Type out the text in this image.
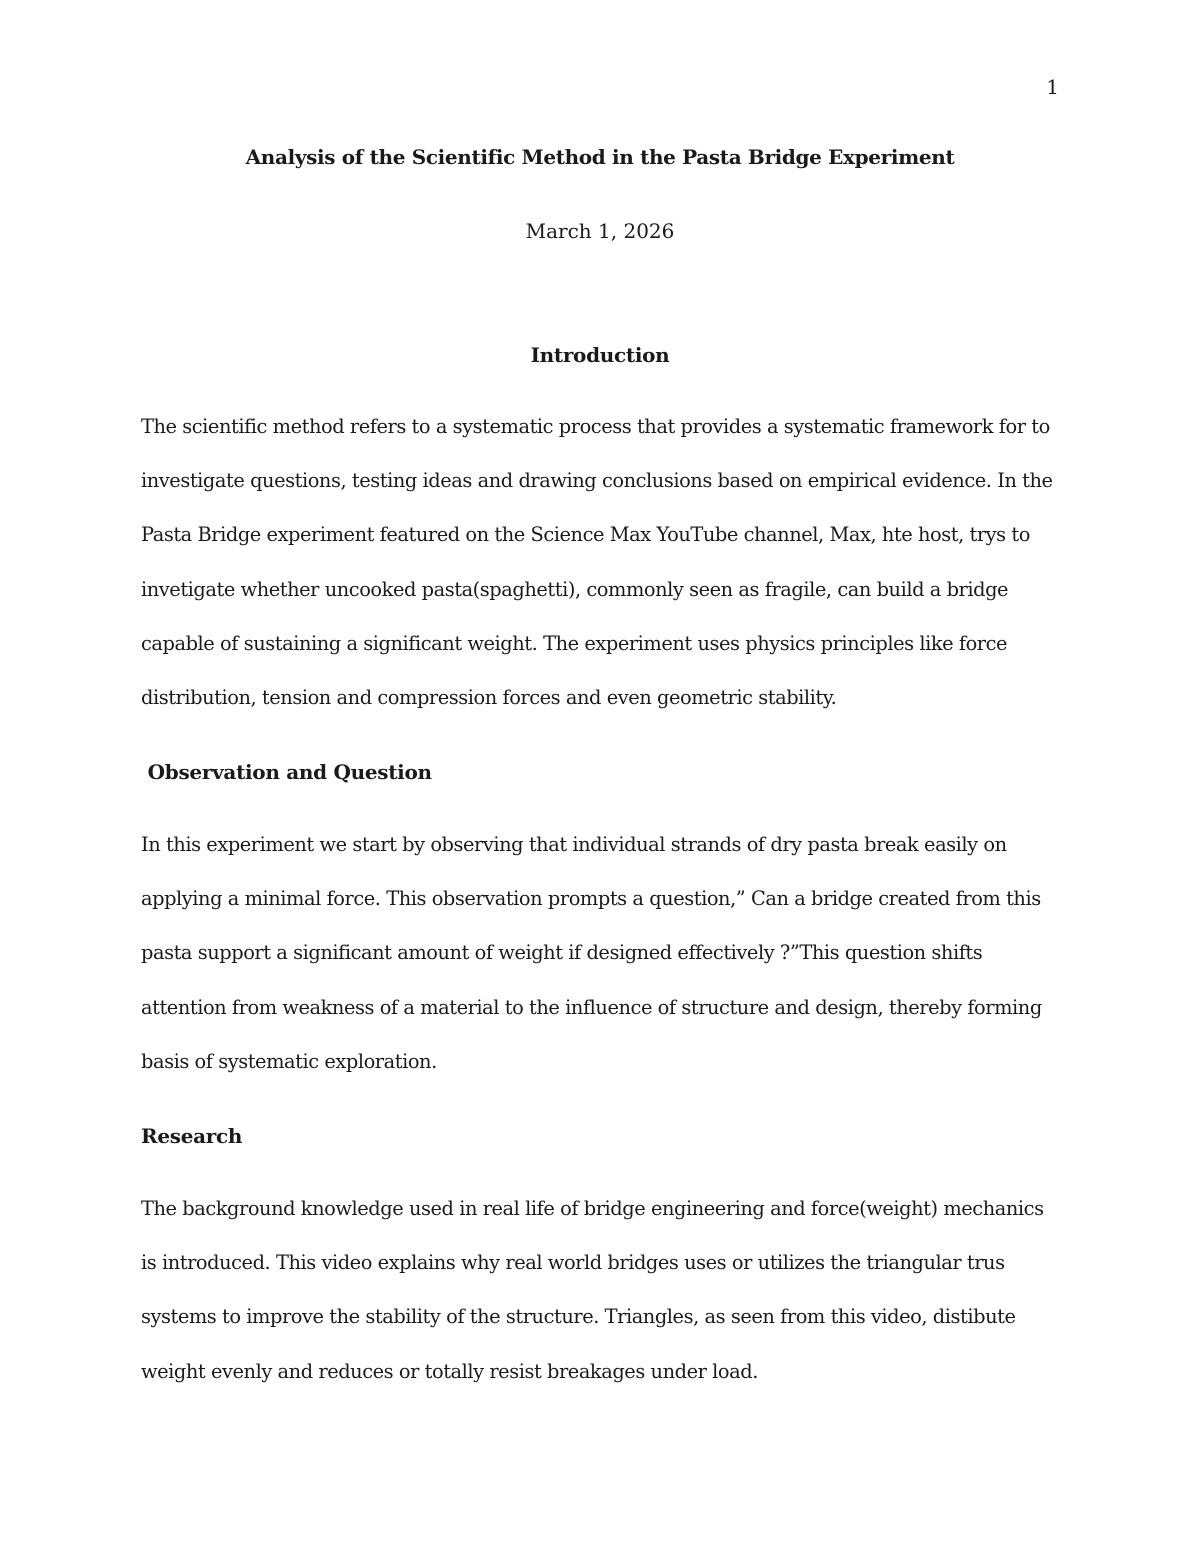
1
Analysis of the Scientific Method in the Pasta Bridge Experiment
March 1, 2026
Introduction
The scientific method refers to a systematic process that provides a systematic framework for to
investigate questions, testing ideas and drawing conclusions based on empirical evidence. In the
Pasta Bridge experiment featured on the Science Max YouTube channel, Max, hte host, trys to
invetigate whether uncooked pasta(spaghetti), commonly seen as fragile, can build a bridge
capable of sustaining a significant weight. The experiment uses physics principles like force
distribution, tension and compression forces and even geometric stability.
Observation and Question
In this experiment we start by observing that individual strands of dry pasta break easily on
applying a minimal force. This observation prompts a question,” Can a bridge created from this
pasta support a significant amount of weight if designed effectively ?”This question shifts
attention from weakness of a material to the influence of structure and design, thereby forming
basis of systematic exploration.
Research
The background knowledge used in real life of bridge engineering and force(weight) mechanics
is introduced. This video explains why real world bridges uses or utilizes the triangular trus
systems to improve the stability of the structure. Triangles, as seen from this video, distibute
weight evenly and reduces or totally resist breakages under load.
